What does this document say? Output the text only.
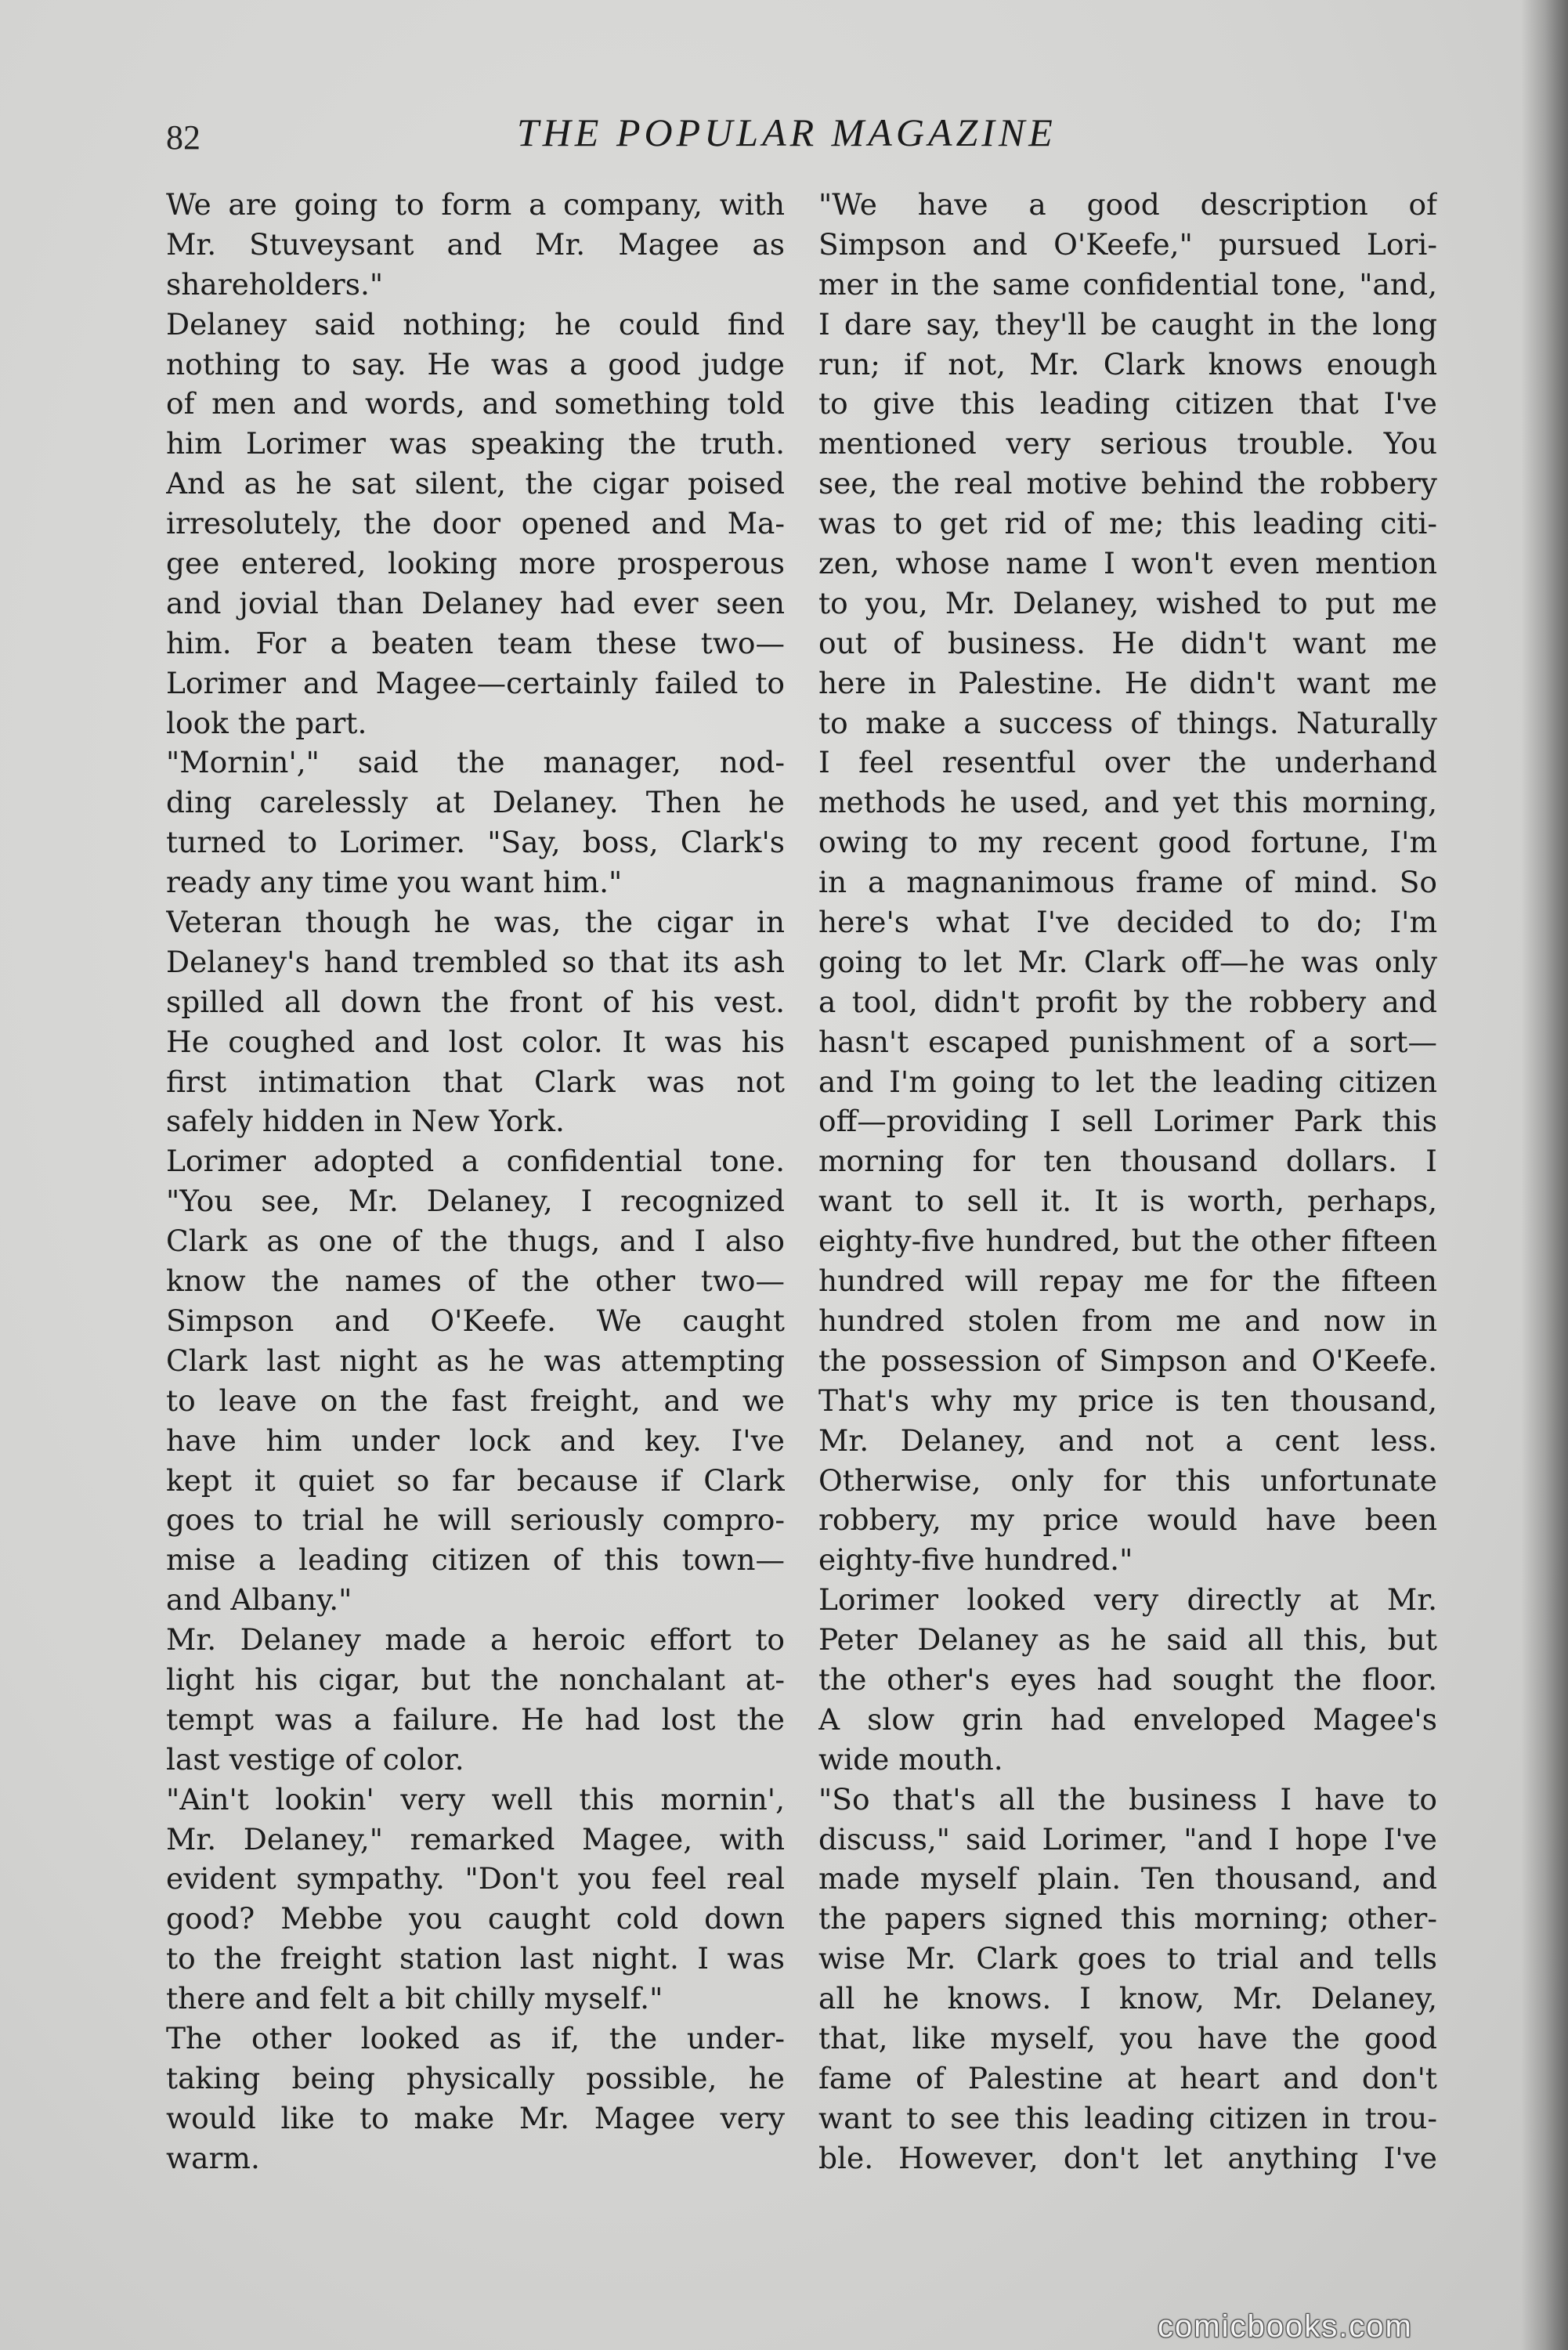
82	THE POPULAR MAGAZINE
We are going to form a company, with
Mr. Stuveysant and Mr. Magee as
shareholders."
Delaney said nothing; he could find
nothing to say. He was a good judge
of men and words, and something told
him Lorimer was speaking the truth.
And as he sat silent, the cigar poised
irresolutely, the door opened and Ma-
gee entered, looking more prosperous
and jovial than Delaney had ever seen
him. For a beaten team these two—
Lorimer and Magee—certainly failed to
look the part.
"Mornin'," said the manager, nod-
ding carelessly at Delaney. Then he
turned to Lorimer. "Say, boss, Clark's
ready any time you want him."
Veteran though he was, the cigar in
Delaney's hand trembled so that its ash
spilled all down the front of his vest.
He coughed and lost color. It was his
first intimation that Clark was not
safely hidden in New York.
Lorimer adopted a confidential tone.
"You see, Mr. Delaney, I recognized
Clark as one of the thugs, and I also
know the names of the other two—
Simpson and O'Keefe. We caught
Clark last night as he was attempting
to leave on the fast freight, and we
have him under lock and key. I've
kept it quiet so far because if Clark
goes to trial he will seriously compro-
mise a leading citizen of this town—
and Albany."
Mr. Delaney made a heroic effort to
light his cigar, but the nonchalant at-
tempt was a failure. He had lost the
last vestige of color.
"Ain't lookin' very well this mornin',
Mr. Delaney," remarked Magee, with
evident sympathy. "Don't you feel real
good? Mebbe you caught cold down
to the freight station last night. I was
there and felt a bit chilly myself."
The other looked as if, the under-
taking being physically possible, he
would like to make Mr. Magee very
warm.
"We have a good description of
Simpson and O'Keefe," pursued Lori-
mer in the same confidential tone, "and,
I dare say, they'll be caught in the long
run; if not, Mr. Clark knows enough
to give this leading citizen that I've
mentioned very serious trouble. You
see, the real motive behind the robbery
was to get rid of me; this leading citi-
zen, whose name I won't even mention
to you, Mr. Delaney, wished to put me
out of business. He didn't want me
here in Palestine. He didn't want me
to make a success of things. Naturally
I feel resentful over the underhand
methods he used, and yet this morning,
owing to my recent good fortune, I'm
in a magnanimous frame of mind. So
here's what I've decided to do; I'm
going to let Mr. Clark off—he was only
a tool, didn't profit by the robbery and
hasn't escaped punishment of a sort—
and I'm going to let the leading citizen
off—providing I sell Lorimer Park this
morning for ten thousand dollars. I
want to sell it. It is worth, perhaps,
eighty-five hundred, but the other fifteen
hundred will repay me for the fifteen
hundred stolen from me and now in
the possession of Simpson and O'Keefe.
That's why my price is ten thousand,
Mr. Delaney, and not a cent less.
Otherwise, only for this unfortunate
robbery, my price would have been
eighty-five hundred."
Lorimer looked very directly at Mr.
Peter Delaney as he said all this, but
the other's eyes had sought the floor.
A slow grin had enveloped Magee's
wide mouth.
"So that's all the business I have to
discuss," said Lorimer, "and I hope I've
made myself plain. Ten thousand, and
the papers signed this morning; other-
wise Mr. Clark goes to trial and tells
all he knows. I know, Mr. Delaney,
that, like myself, you have the good
fame of Palestine at heart and don't
want to see this leading citizen in trou-
ble. However, don't let anything I've
comicbooks.com
